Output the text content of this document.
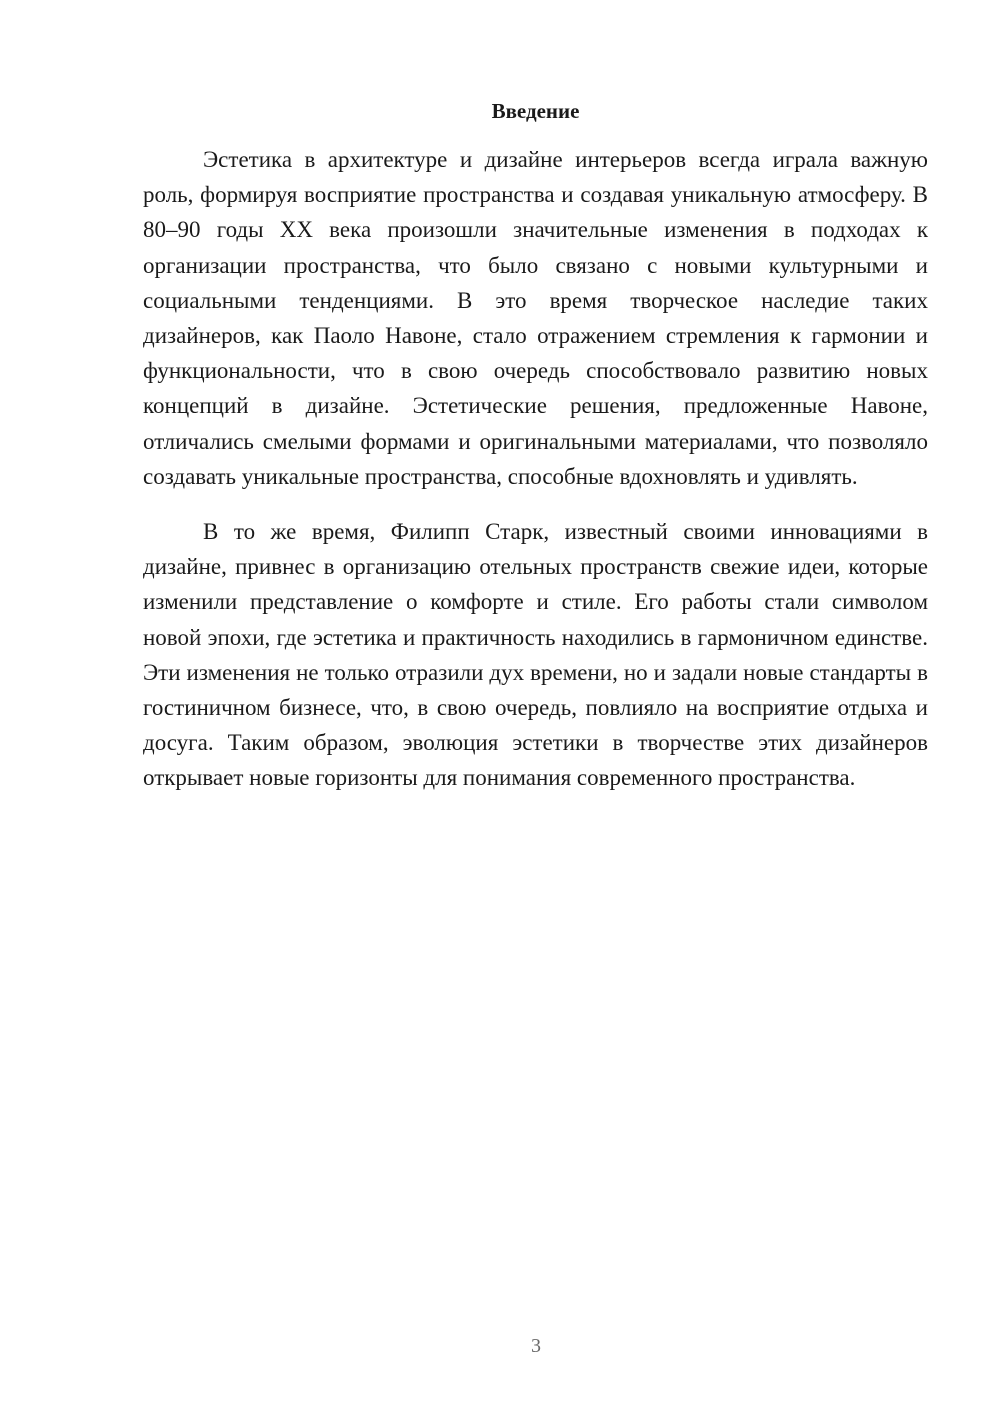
Введение

Эстетика в архитектуре и дизайне интерьеров всегда играла важную роль, формируя восприятие пространства и создавая уникальную атмосферу. В 80–90 годы XX века произошли значительные изменения в подходах к организации пространства, что было связано с новыми культурными и социальными тенденциями. В это время творческое наследие таких дизайнеров, как Паоло Навоне, стало отражением стремления к гармонии и функциональности, что в свою очередь способствовало развитию новых концепций в дизайне. Эстетические решения, предложенные Навоне, отличались смелыми формами и оригинальными материалами, что позволяло создавать уникальные пространства, способные вдохновлять и удивлять.

В то же время, Филипп Старк, известный своими инновациями в дизайне, привнес в организацию отельных пространств свежие идеи, которые изменили представление о комфорте и стиле. Его работы стали символом новой эпохи, где эстетика и практичность находились в гармоничном единстве. Эти изменения не только отразили дух времени, но и задали новые стандарты в гостиничном бизнесе, что, в свою очередь, повлияло на восприятие отдыха и досуга. Таким образом, эволюция эстетики в творчестве этих дизайнеров открывает новые горизонты для понимания современного пространства.

3
